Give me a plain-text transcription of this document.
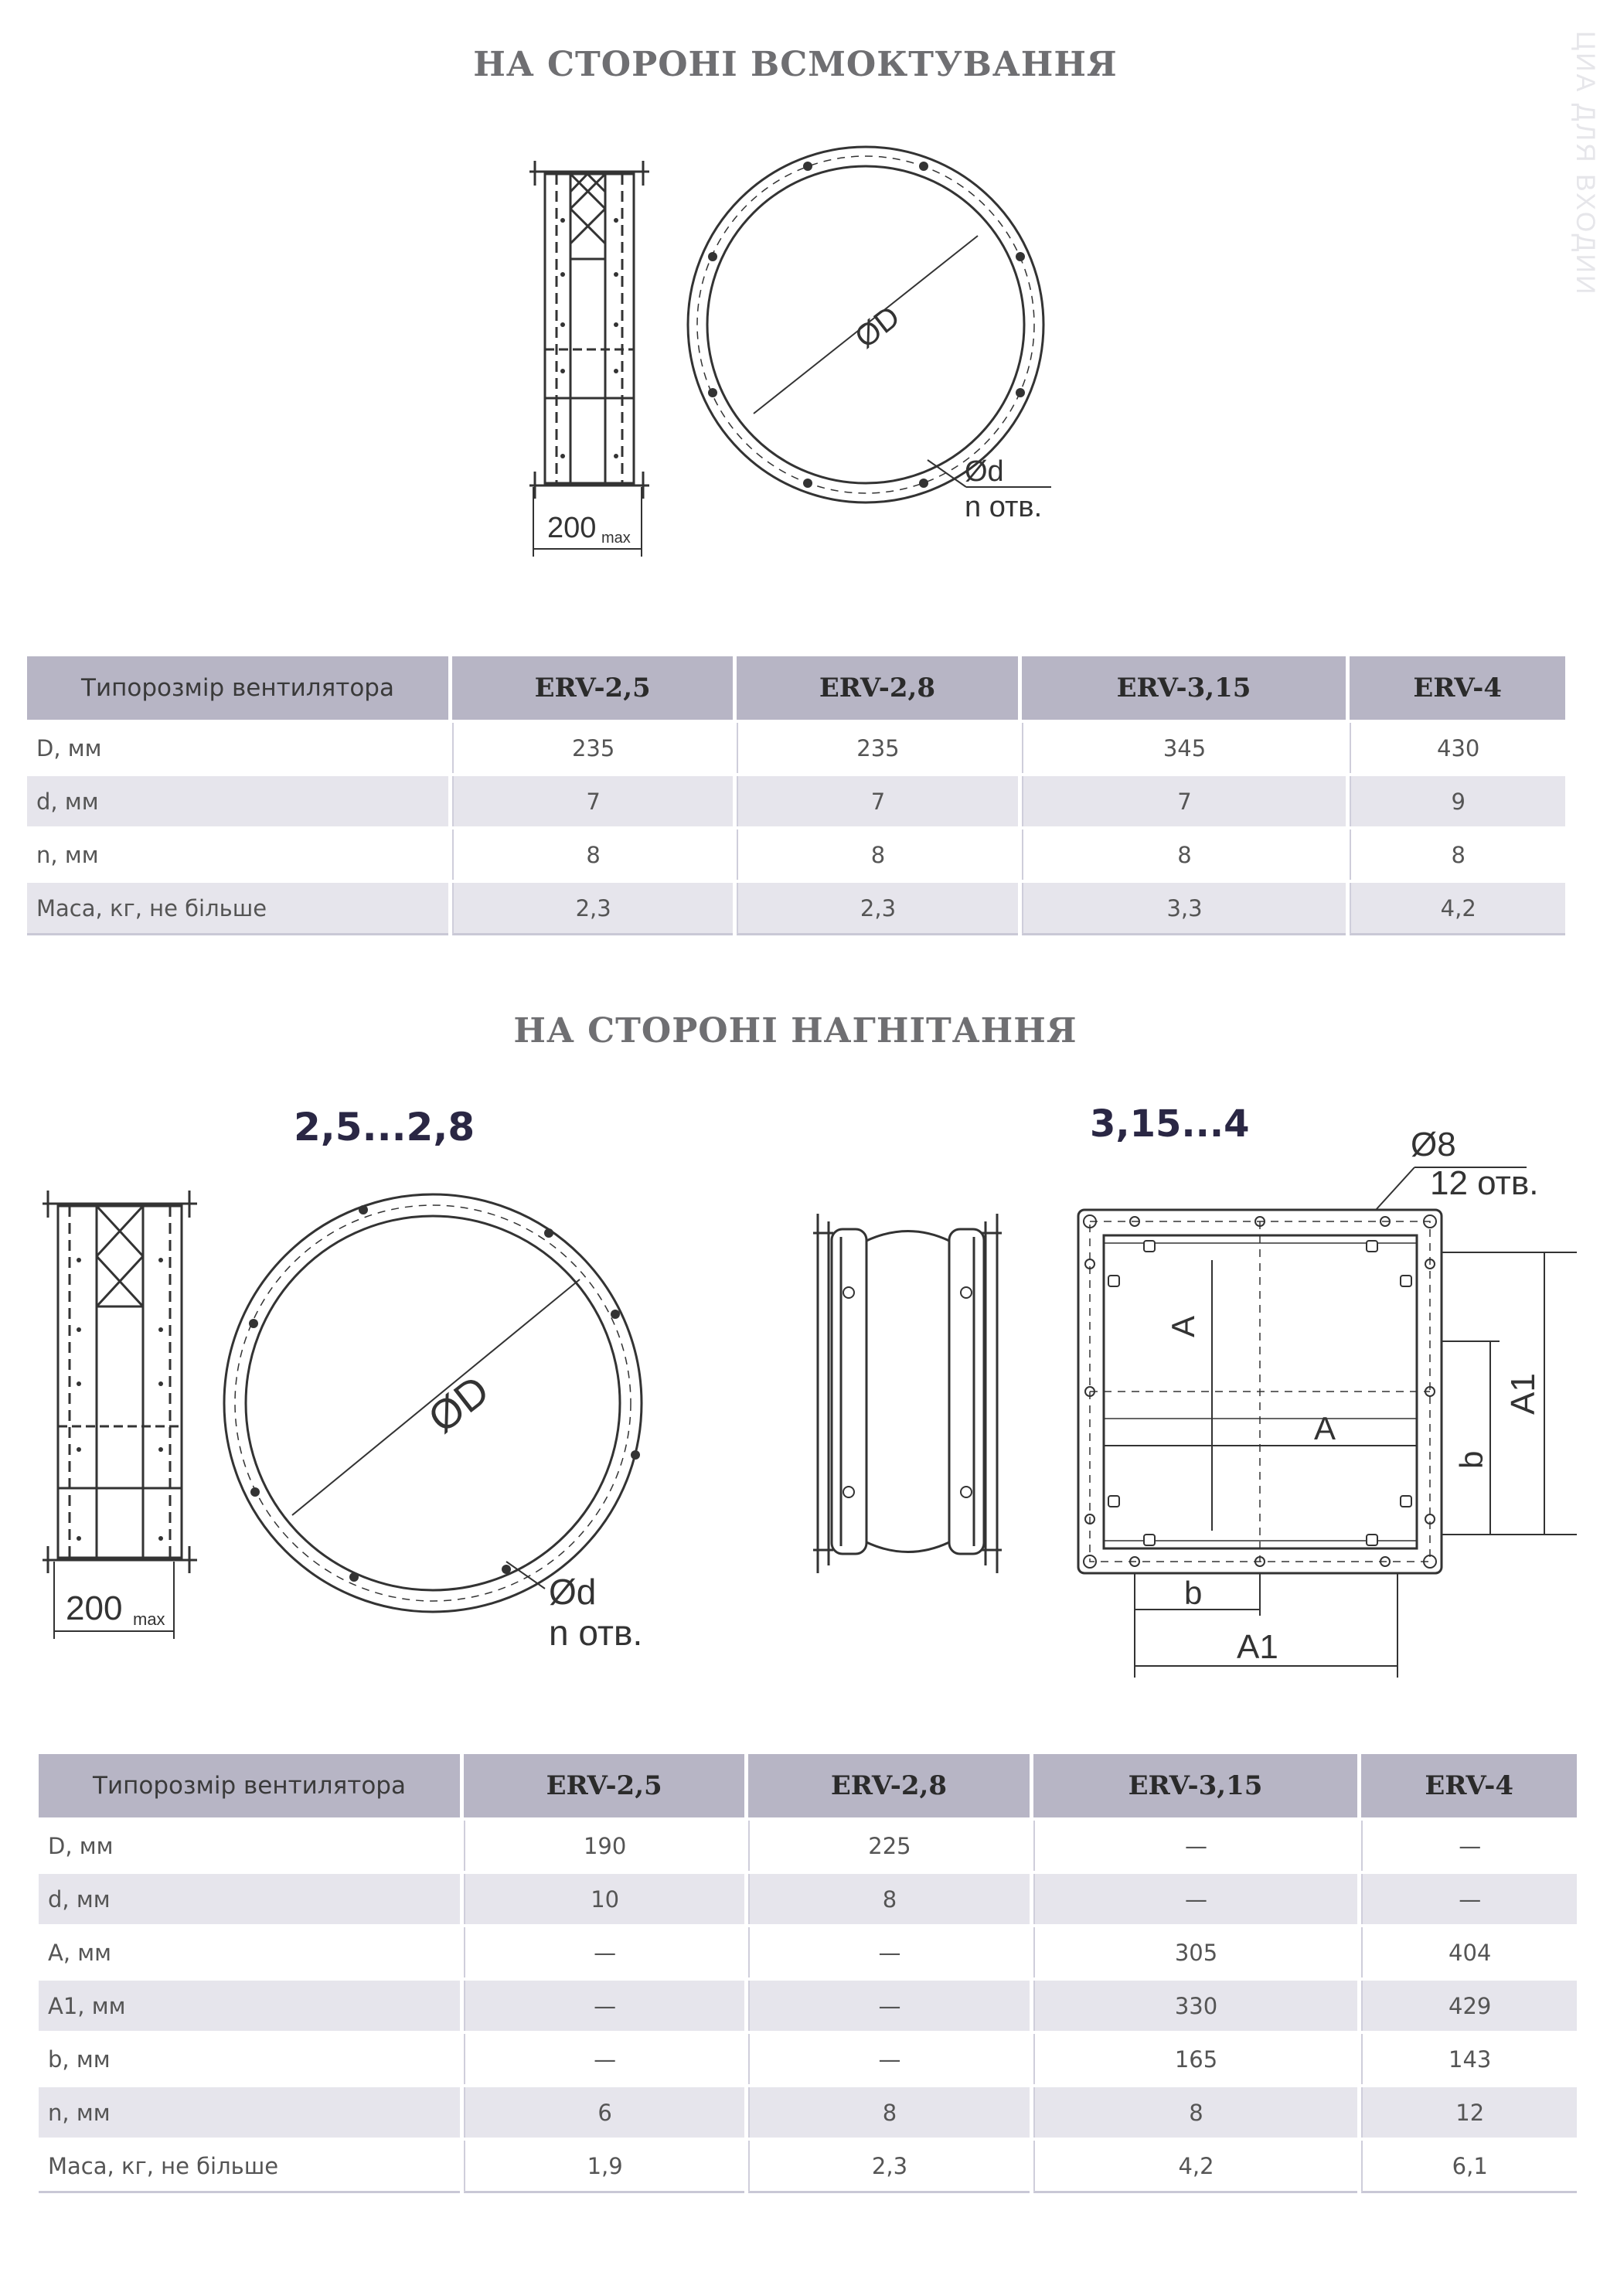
НА СТОРОНІ ВСМОКТУВАННЯ	ЦИА ДЛЯ ВХОДИИ
200 max
ØD
Ød
n отв.
Типорозмір вентилятора	ERV-2,5	ERV-2,8	ERV-3,15	ERV-4
D, мм	235	235	345	430
d, мм	7	7	7	9
n, мм	8	8	8	8
Маса, кг, не більше	2,3	2,3	3,3	4,2
НА СТОРОНІ НАГНІТАННЯ
2,5...2,8
200 max
ØD
Ød
n отв.
3,15...4	Ø8
12 отв.
A
A
A1
b
b
A1
Типорозмір вентилятора	ERV-2,5	ERV-2,8	ERV-3,15	ERV-4
D, мм	190	225	—	—
d, мм	10	8	—	—
A, мм	—	—	305	404
A1, мм	—	—	330	429
b, мм	—	—	165	143
n, мм	6	8	8	12
Маса, кг, не більше	1,9	2,3	4,2	6,1
